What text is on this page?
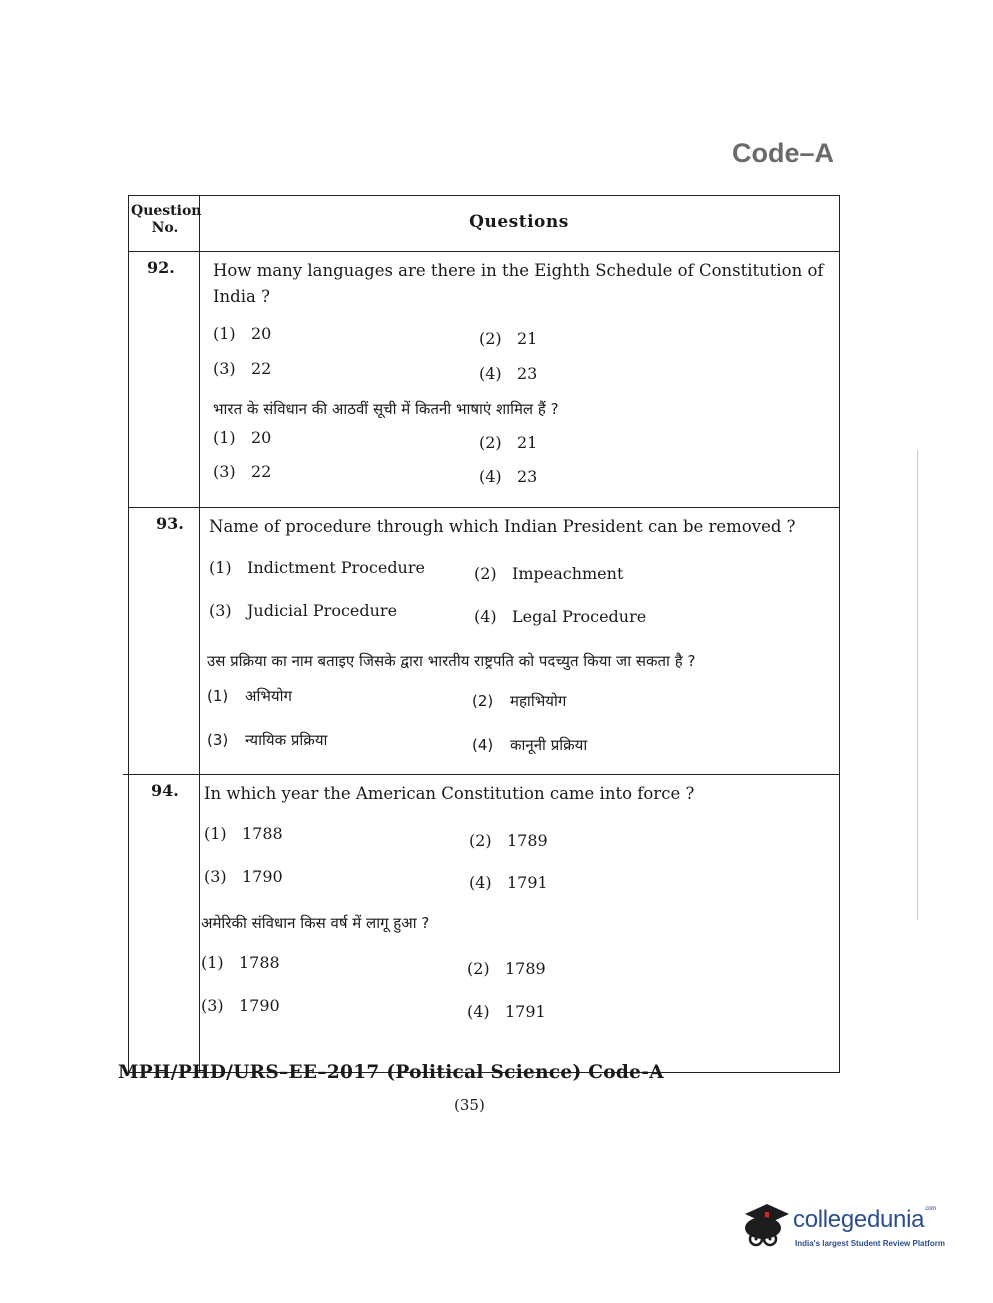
Code–A
Question No.	Questions
92.	How many languages are there in the Eighth Schedule of Constitution of India ?
(1) 20	(2) 21
(3) 22	(4) 23
भारत के संविधान की आठवीं सूची में कितनी भाषाएं शामिल हैं ?
(1) 20	(2) 21
(3) 22	(4) 23
93.	Name of procedure through which Indian President can be removed ?
(1) Indictment Procedure	(2) Impeachment
(3) Judicial Procedure	(4) Legal Procedure
उस प्रक्रिया का नाम बताइए जिसके द्वारा भारतीय राष्ट्रपति को पदच्युत किया जा सकता है ?
(1) अभियोग	(2) महाभियोग
(3) न्यायिक प्रक्रिया	(4) कानूनी प्रक्रिया
94.	In which year the American Constitution came into force ?
(1) 1788	(2) 1789
(3) 1790	(4) 1791
अमेरिकी संविधान किस वर्ष में लागू हुआ ?
(1) 1788	(2) 1789
(3) 1790	(4) 1791
MPH/PHD/URS–EE–2017 (Political Science) Code-A
(35)
collegedunia$^{.com}$
India's largest Student Review Platform
